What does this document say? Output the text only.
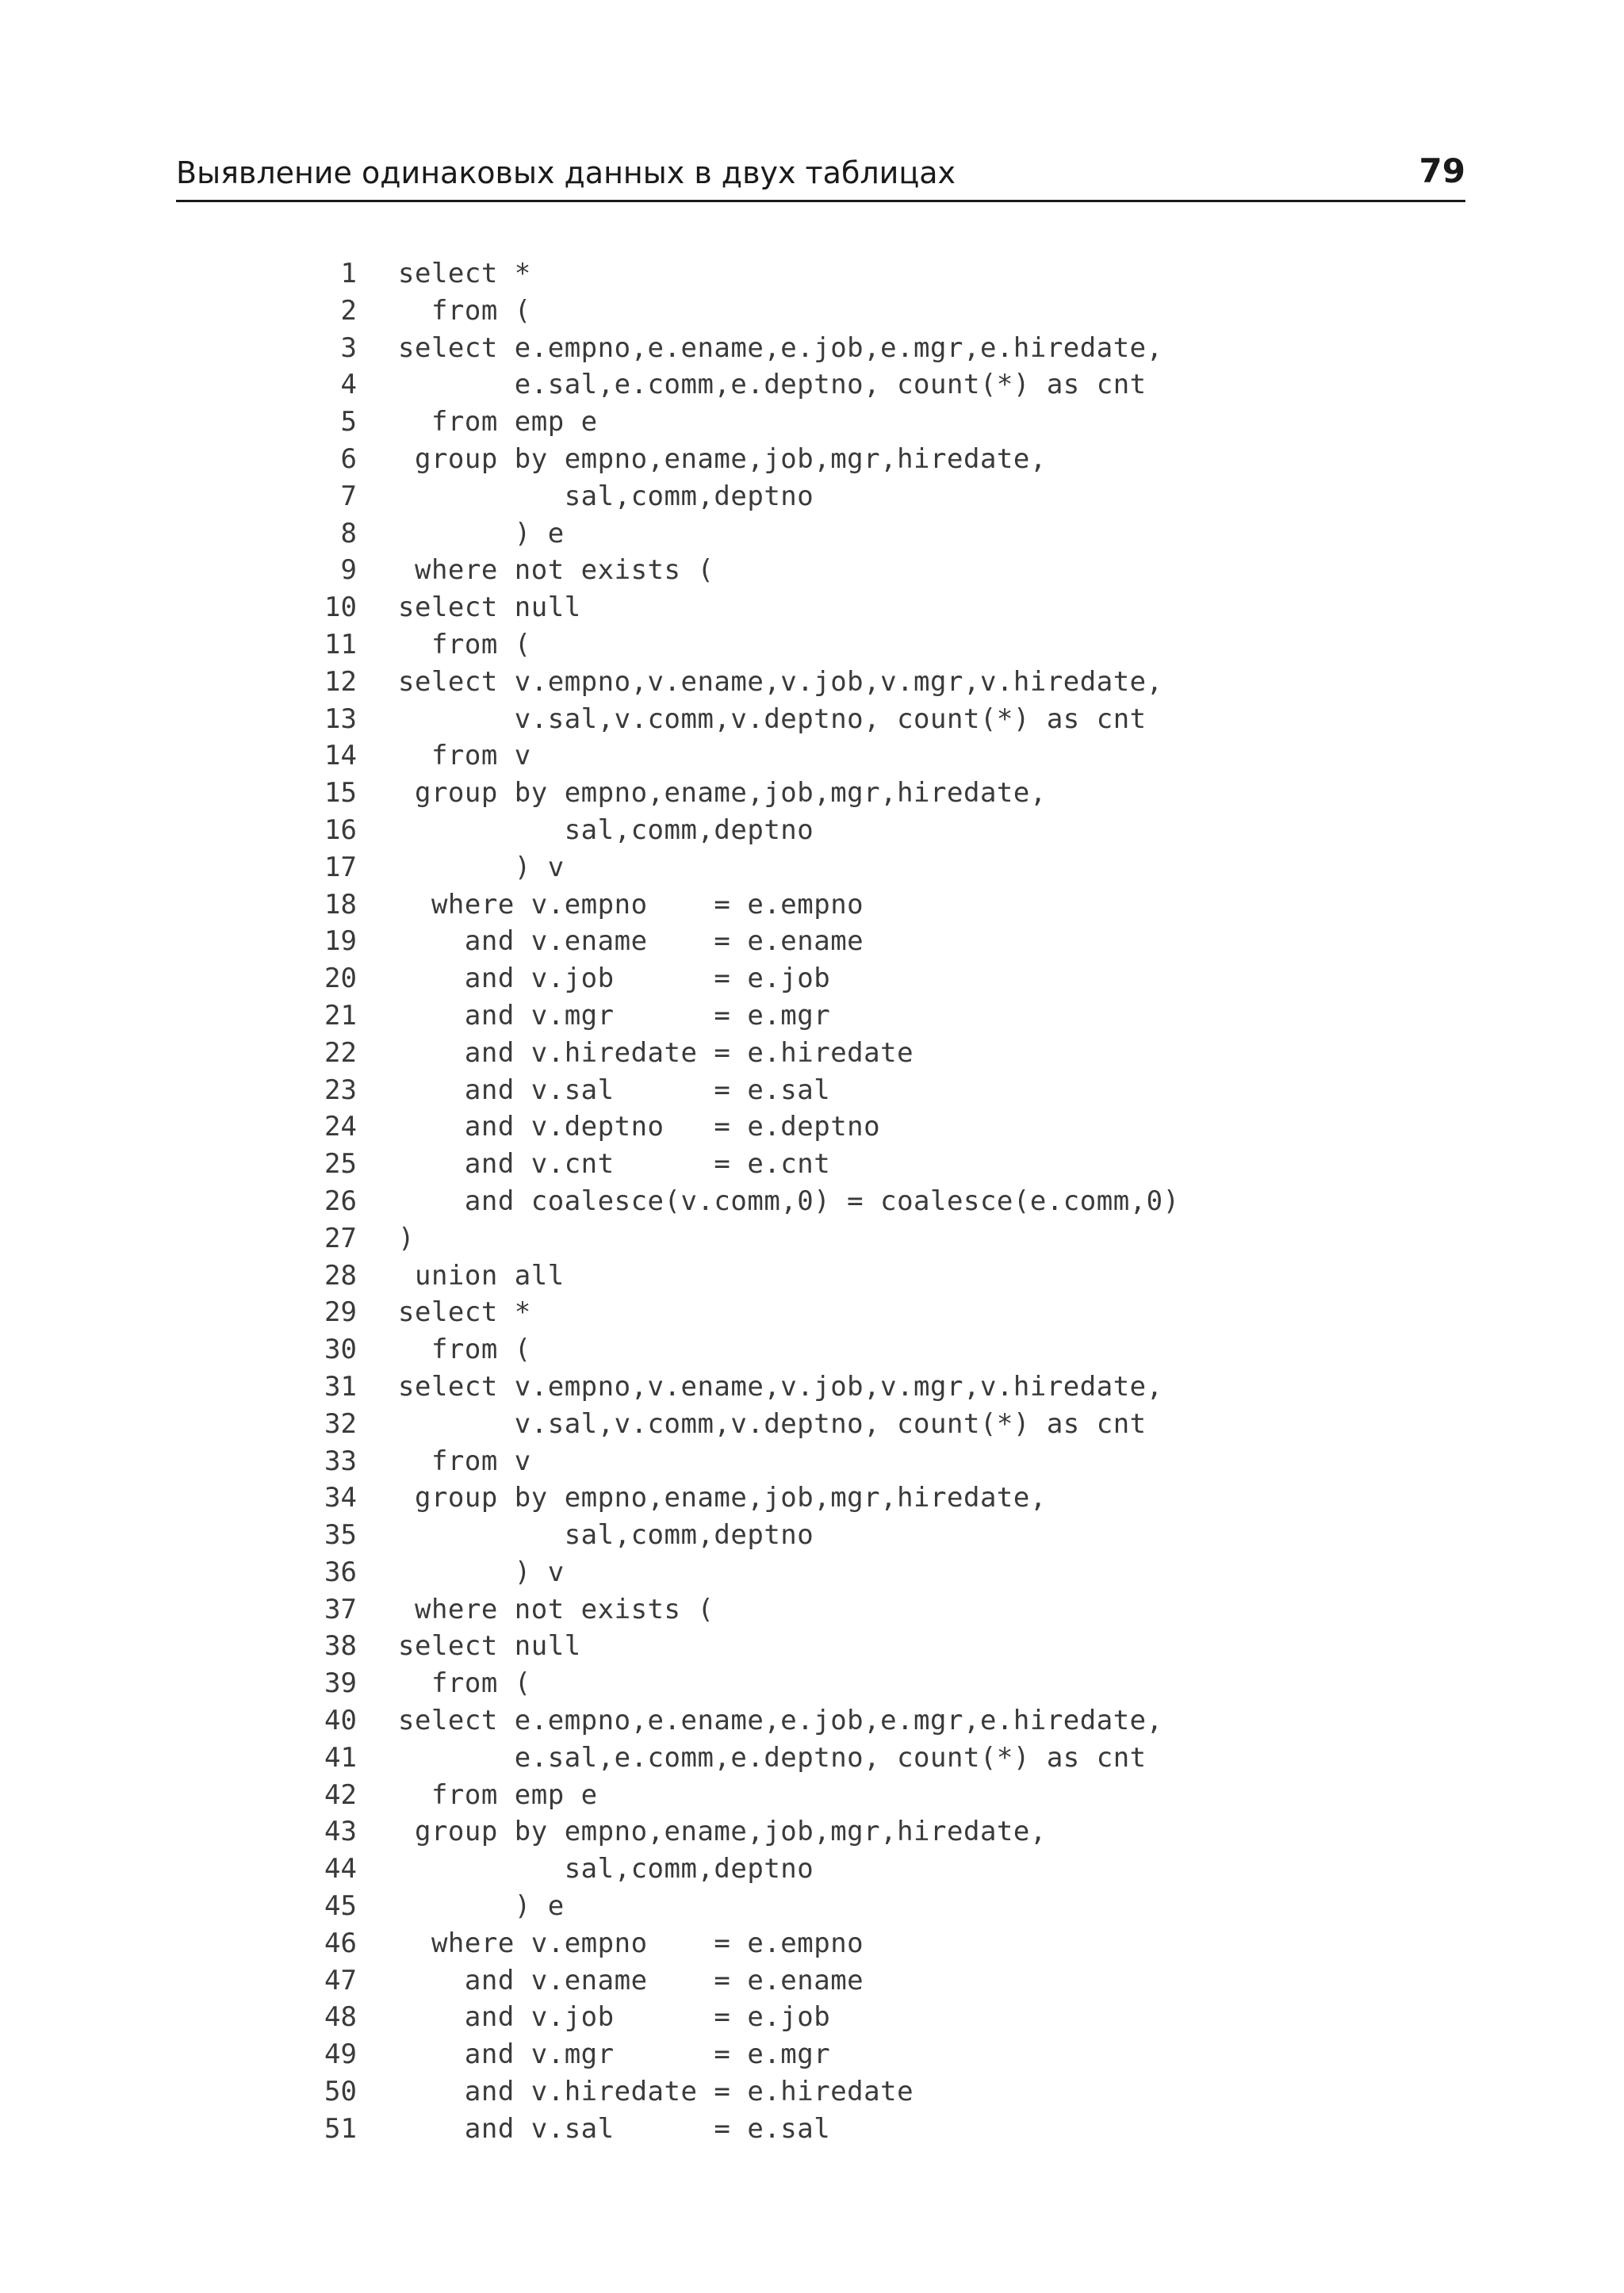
Выявление одинаковых данных в двух таблицах	79
1 select *
2 from (
3 select e.empno,e.ename,e.job,e.mgr,e.hiredate,
4 e.sal,e.comm,e.deptno, count(*) as cnt
5 from emp e
6 group by empno,ename,job,mgr,hiredate,
7 sal,comm,deptno
8 ) e
9 where not exists (
10 select null
11 from (
12 select v.empno,v.ename,v.job,v.mgr,v.hiredate,
13 v.sal,v.comm,v.deptno, count(*) as cnt
14 from v
15 group by empno,ename,job,mgr,hiredate,
16 sal,comm,deptno
17 ) v
18 where v.empno    = e.empno
19 and v.ename    = e.ename
20 and v.job      = e.job
21 and v.mgr      = e.mgr
22 and v.hiredate = e.hiredate
23 and v.sal      = e.sal
24 and v.deptno   = e.deptno
25 and v.cnt      = e.cnt
26 and coalesce(v.comm,0) = coalesce(e.comm,0)
27 )
28 union all
29 select *
30 from (
31 select v.empno,v.ename,v.job,v.mgr,v.hiredate,
32 v.sal,v.comm,v.deptno, count(*) as cnt
33 from v
34 group by empno,ename,job,mgr,hiredate,
35 sal,comm,deptno
36 ) v
37 where not exists (
38 select null
39 from (
40 select e.empno,e.ename,e.job,e.mgr,e.hiredate,
41 e.sal,e.comm,e.deptno, count(*) as cnt
42 from emp e
43 group by empno,ename,job,mgr,hiredate,
44 sal,comm,deptno
45 ) e
46 where v.empno    = e.empno
47 and v.ename    = e.ename
48 and v.job      = e.job
49 and v.mgr      = e.mgr
50 and v.hiredate = e.hiredate
51 and v.sal      = e.sal
